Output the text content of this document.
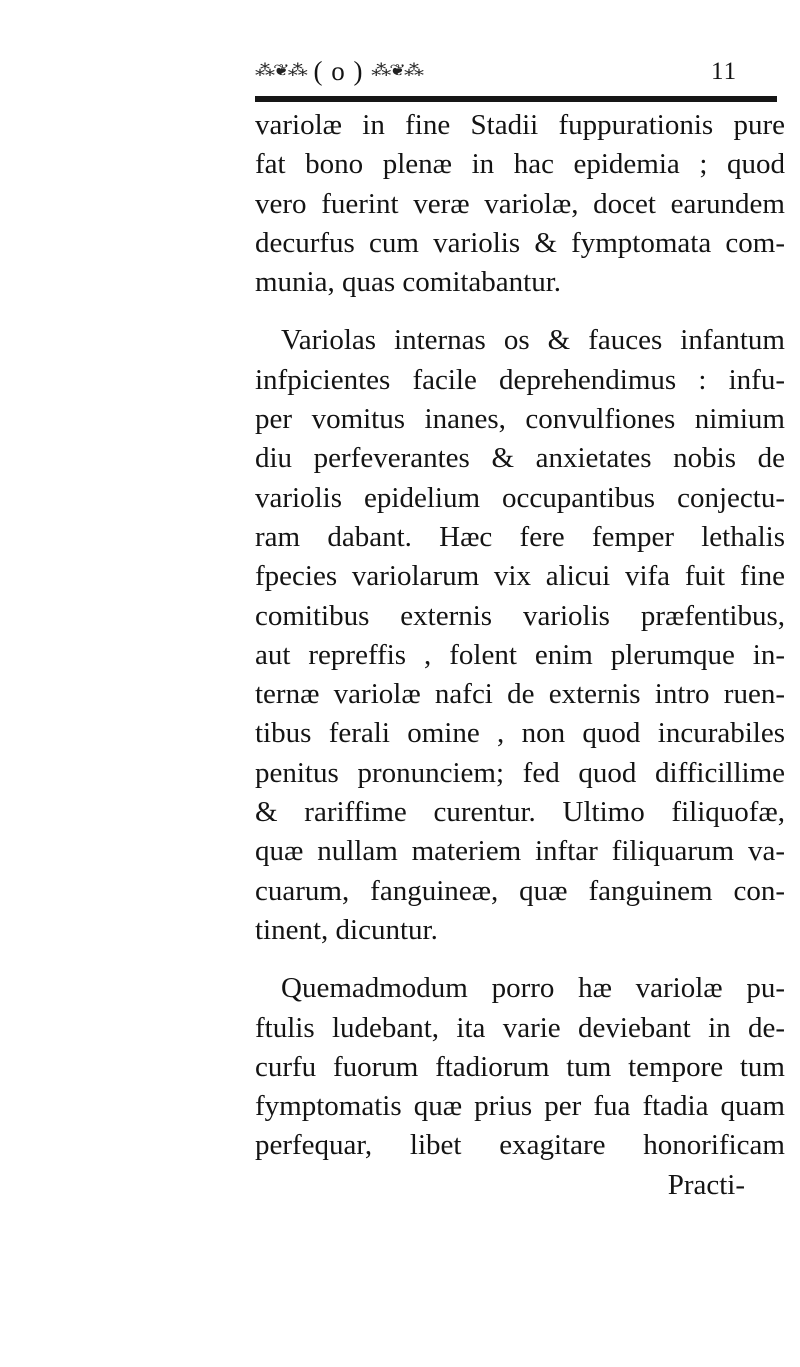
⁂❦⁂ ( o ) ⁂❦⁂	11
variolæ in fine Stadii fuppurationis pure
fat bono plenæ in hac epidemia ; quod
vero fuerint veræ variolæ, docet earundem
decurfus cum variolis & fymptomata com-
munia, quas comitabantur.
Variolas internas os & fauces infantum
infpicientes facile deprehendimus : infu-
per vomitus inanes, convulfiones nimium
diu perfeverantes & anxietates nobis de
variolis epidelium occupantibus conjectu-
ram dabant. Hæc fere femper lethalis
fpecies variolarum vix alicui vifa fuit fine
comitibus externis variolis præfentibus,
aut repreffis , folent enim plerumque in-
ternæ variolæ nafci de externis intro ruen-
tibus ferali omine , non quod incurabiles
penitus pronunciem; fed quod difficillime
& rariffime curentur. Ultimo filiquofæ,
quæ nullam materiem inftar filiquarum va-
cuarum, fanguineæ, quæ fanguinem con-
tinent, dicuntur.
Quemadmodum porro hæ variolæ pu-
ftulis ludebant, ita varie deviebant in de-
curfu fuorum ftadiorum tum tempore tum
fymptomatis quæ prius per fua ftadia quam
perfequar, libet exagitare honorificam
Practi-
